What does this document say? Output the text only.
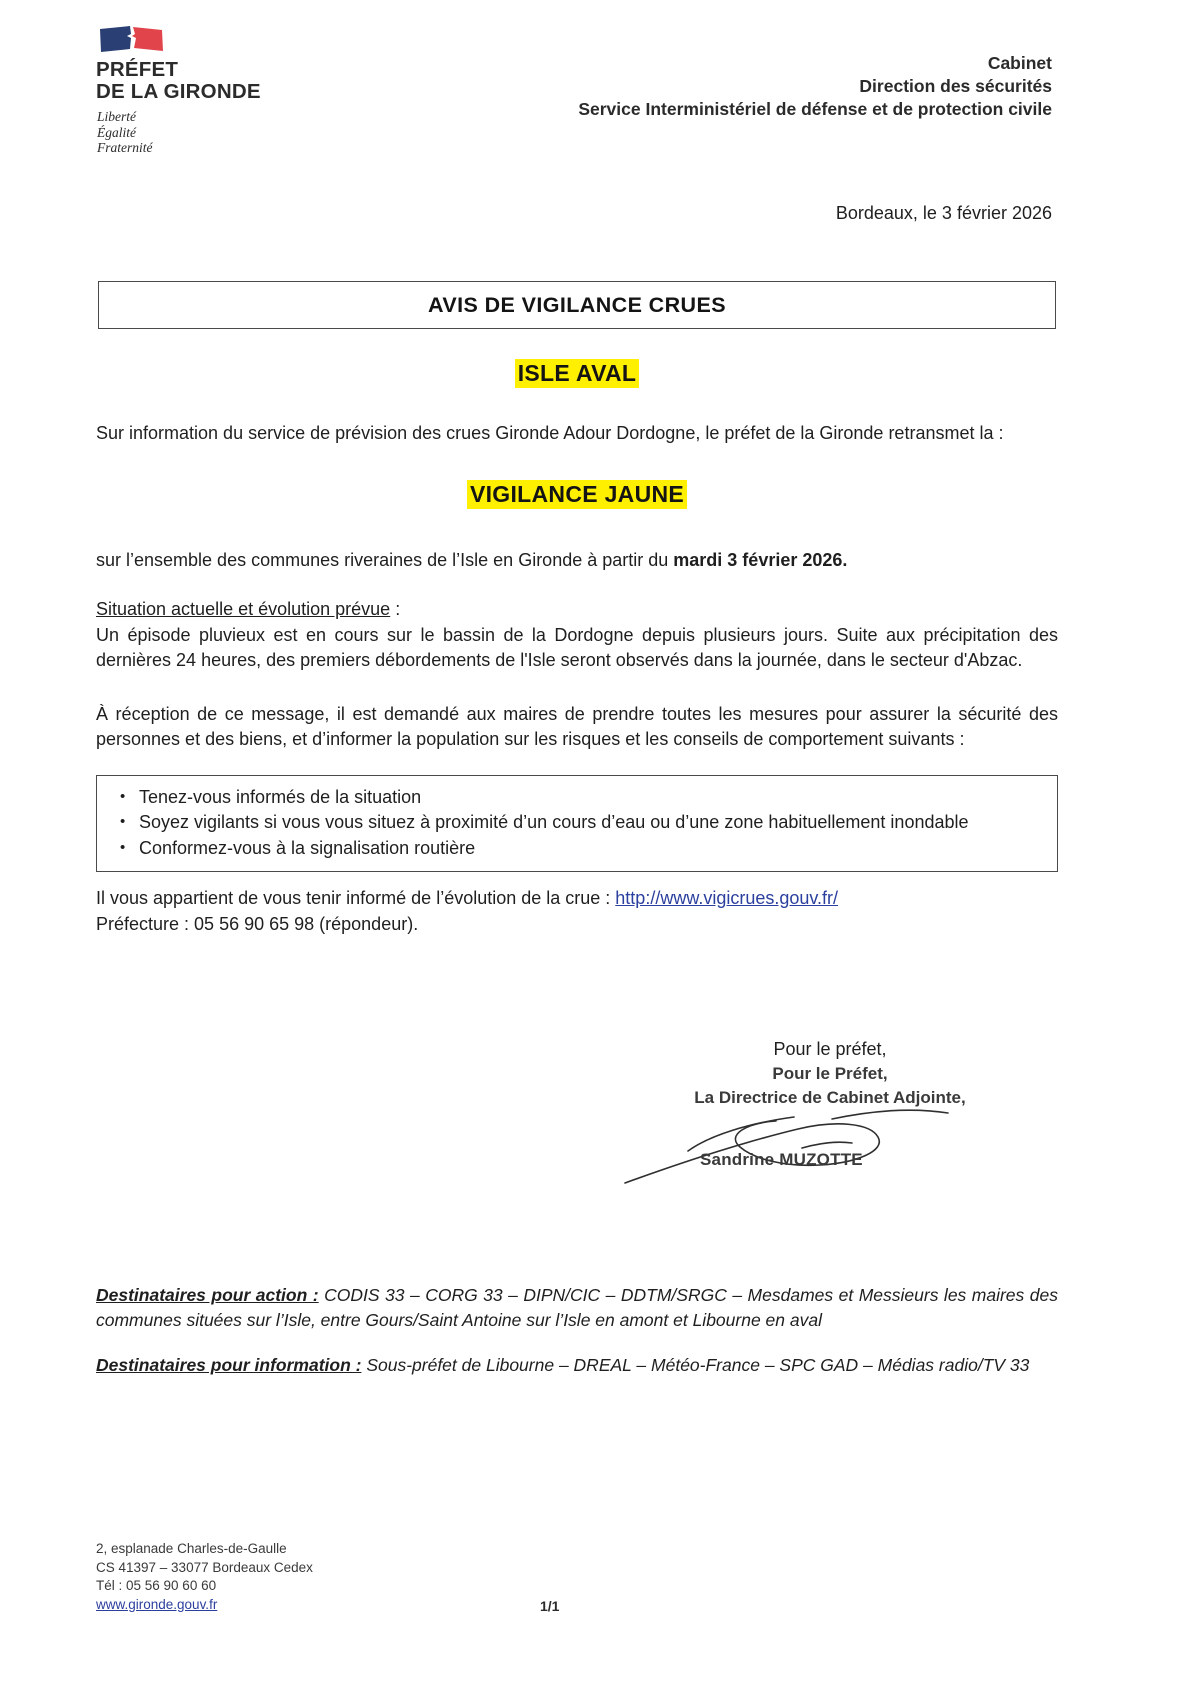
PRÉFET
DE LA GIRONDE
Liberté
Égalité
Fraternité
Cabinet
Direction des sécurités
Service Interministériel de défense et de protection civile
Bordeaux, le 3 février 2026
AVIS DE VIGILANCE CRUES
ISLE AVAL

Sur information du service de prévision des crues Gironde Adour Dordogne, le préfet de la Gironde retransmet la :

VIGILANCE JAUNE

sur l’ensemble des communes riveraines de l’Isle en Gironde à partir du mardi 3 février 2026.

Situation actuelle et évolution prévue :

Un épisode pluvieux est en cours sur le bassin de la Dordogne depuis plusieurs jours. Suite aux précipitation des dernières 24 heures, des premiers débordements de l'Isle seront observés dans la journée, dans le secteur d'Abzac.

À réception de ce message, il est demandé aux maires de prendre toutes les mesures pour assurer la sécurité des personnes et des biens, et d’informer la population sur les risques et les conseils de comportement suivants :

• Tenez-vous informés de la situation
• Soyez vigilants si vous vous situez à proximité d’un cours d’eau ou d’une zone habituellement inondable
• Conformez-vous à la signalisation routière

Il vous appartient de vous tenir informé de l’évolution de la crue : http://www.vigicrues.gouv.fr/
Préfecture : 05 56 90 65 98 (répondeur).

Pour le préfet,
Pour le Préfet,
La Directrice de Cabinet Adjointe,
Sandrine MUZOTTE

Destinataires pour action : CODIS 33 – CORG 33 – DIPN/CIC – DDTM/SRGC – Mesdames et Messieurs les maires des communes situées sur l’Isle, entre Gours/Saint Antoine sur l’Isle en amont et Libourne en aval

Destinataires pour information : Sous-préfet de Libourne – DREAL – Météo-France – SPC GAD – Médias radio/TV 33

2, esplanade Charles-de-Gaulle
CS 41397 – 33077 Bordeaux Cedex
Tél : 05 56 90 60 60
www.gironde.gouv.fr	1/1
